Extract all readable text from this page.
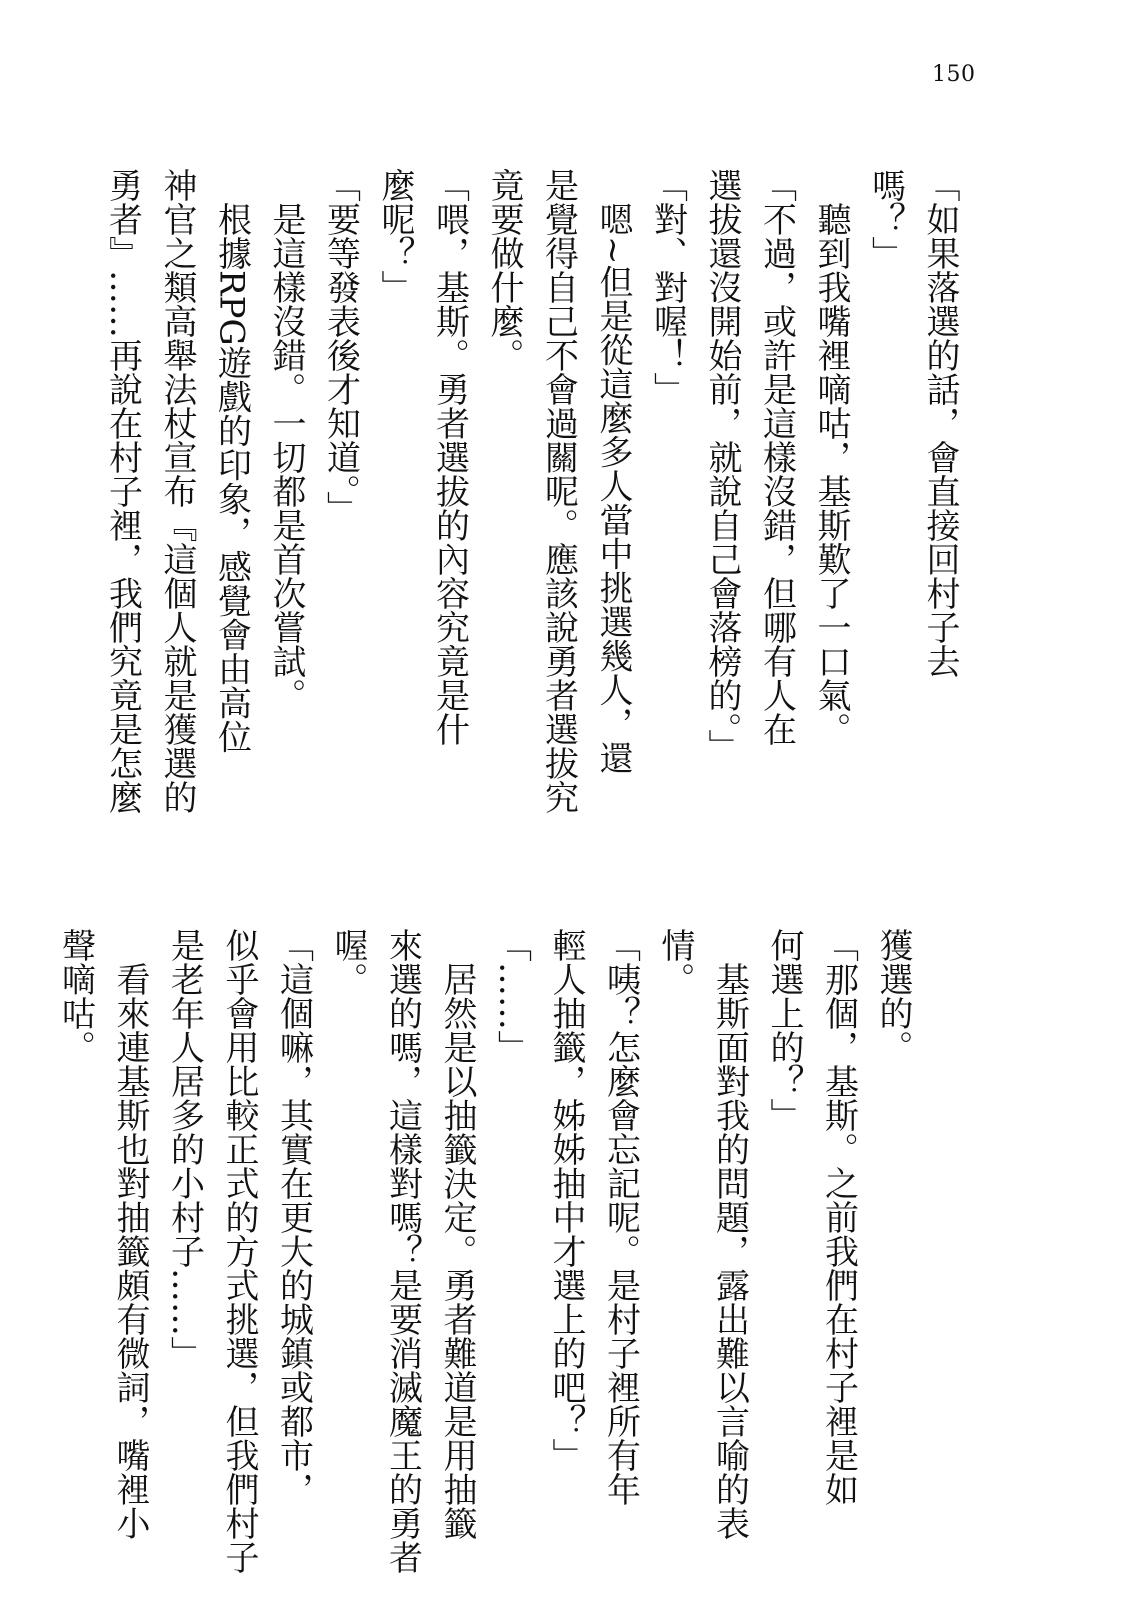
150

「如果落選的話，會直接回村子去

嗎？」

聽到我嘴裡嘀咕，基斯歎了一口氣。

「不過，或許是這樣沒錯，但哪有人在

選拔還沒開始前，就說自己會落榜的。」

「對、對喔！」

嗯~但是從這麼多人當中挑選幾人，還

是覺得自己不會過關呢。應該說勇者選拔究

竟要做什麼。

「喂，基斯。勇者選拔的內容究竟是什

麼呢？」

「要等發表後才知道。」

是這樣沒錯。一切都是首次嘗試。

根據RPG遊戲的印象，感覺會由高位

神官之類高舉法杖宣布『這個人就是獲選的

勇者』……再說在村子裡，我們究竟是怎麼

獲選的。

「那個，基斯。之前我們在村子裡是如

何選上的？」

基斯面對我的問題，露出難以言喻的表

情。

「咦？怎麼會忘記呢。是村子裡所有年

輕人抽籤，姊姊抽中才選上的吧？」

「……」

居然是以抽籤決定。勇者難道是用抽籤

來選的嗎，這樣對嗎？是要消滅魔王的勇者

喔。

「這個嘛，其實在更大的城鎮或都市，

似乎會用比較正式的方式挑選，但我們村子

是老年人居多的小村子……」

看來連基斯也對抽籤頗有微詞，嘴裡小

聲嘀咕。
